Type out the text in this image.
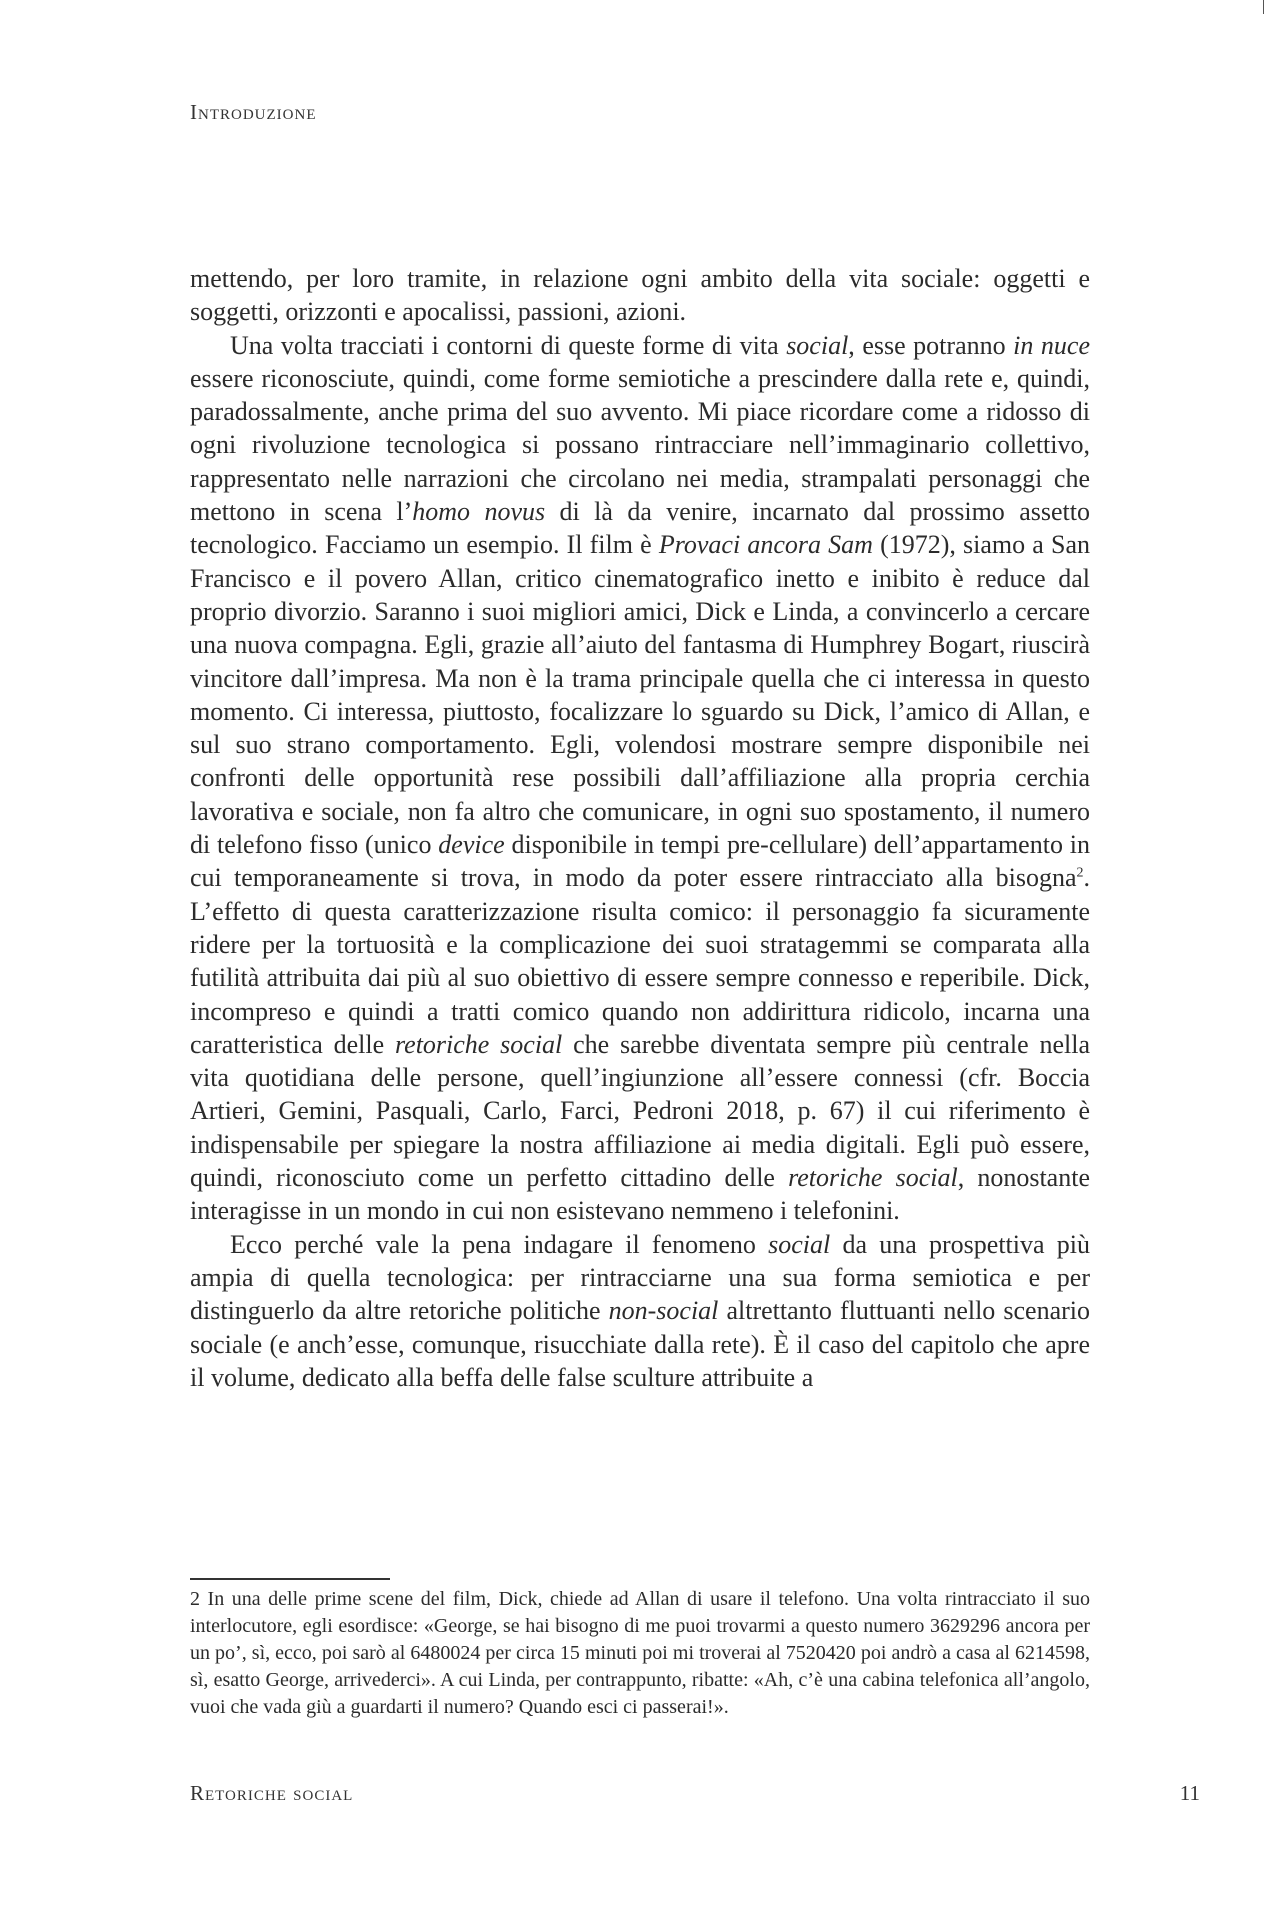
Introduzione

mettendo, per loro tramite, in relazione ogni ambito della vita sociale: oggetti e soggetti, orizzonti e apocalissi, passioni, azioni.

Una volta tracciati i contorni di queste forme di vita social, esse potranno in nuce essere riconosciute, quindi, come forme semiotiche a prescindere dalla rete e, quindi, paradossalmente, anche prima del suo avvento. Mi piace ricordare come a ridosso di ogni rivoluzione tecnologica si possano rintracciare nell’immaginario collettivo, rappresentato nelle narrazioni che circolano nei media, strampalati personaggi che mettono in scena l’homo novus di là da venire, incarnato dal prossimo assetto tecnologico. Facciamo un esempio. Il film è Provaci ancora Sam (1972), siamo a San Francisco e il povero Allan, critico cinematografico inetto e inibito è reduce dal proprio divorzio. Saranno i suoi migliori amici, Dick e Linda, a convincerlo a cercare una nuova compagna. Egli, grazie all’aiuto del fantasma di Humphrey Bogart, riuscirà vincitore dall’impresa. Ma non è la trama principale quella che ci interessa in questo momento. Ci interessa, piuttosto, focalizzare lo sguardo su Dick, l’amico di Allan, e sul suo strano comportamento. Egli, volendosi mostrare sempre disponibile nei confronti delle opportunità rese possibili dall’affiliazione alla propria cerchia lavorativa e sociale, non fa altro che comunicare, in ogni suo spostamento, il numero di telefono fisso (unico device disponibile in tempi pre-cellulare) dell’appartamento in cui temporaneamente si trova, in modo da poter essere rintracciato alla bisogna$^2$. L’effetto di questa caratterizzazione risulta comico: il personaggio fa sicuramente ridere per la tortuosità e la complicazione dei suoi stratagemmi se comparata alla futilità attribuita dai più al suo obiettivo di essere sempre connesso e reperibile. Dick, incompreso e quindi a tratti comico quando non addirittura ridicolo, incarna una caratteristica delle retoriche social che sarebbe diventata sempre più centrale nella vita quotidiana delle persone, quell’ingiunzione all’essere connessi (cfr. Boccia Artieri, Gemini, Pasquali, Carlo, Farci, Pedroni 2018, p. 67) il cui riferimento è indispensabile per spiegare la nostra affiliazione ai media digitali. Egli può essere, quindi, riconosciuto come un perfetto cittadino delle retoriche social, nonostante interagisse in un mondo in cui non esistevano nemmeno i telefonini.

Ecco perché vale la pena indagare il fenomeno social da una prospettiva più ampia di quella tecnologica: per rintracciarne una sua forma semiotica e per distinguerlo da altre retoriche politiche non-social altrettanto fluttuanti nello scenario sociale (e anch’esse, comunque, risucchiate dalla rete). È il caso del capitolo che apre il volume, dedicato alla beffa delle false sculture attribuite a

2 In una delle prime scene del film, Dick, chiede ad Allan di usare il telefono. Una volta rintracciato il suo interlocutore, egli esordisce: «George, se hai bisogno di me puoi trovarmi a questo numero 3629296 ancora per un po’, sì, ecco, poi sarò al 6480024 per circa 15 minuti poi mi troverai al 7520420 poi andrò a casa al 6214598, sì, esatto George, arrivederci». A cui Linda, per contrappunto, ribatte: «Ah, c’è una cabina telefonica all’angolo, vuoi che vada giù a guardarti il numero? Quando esci ci passerai!».

Retoriche social	11
